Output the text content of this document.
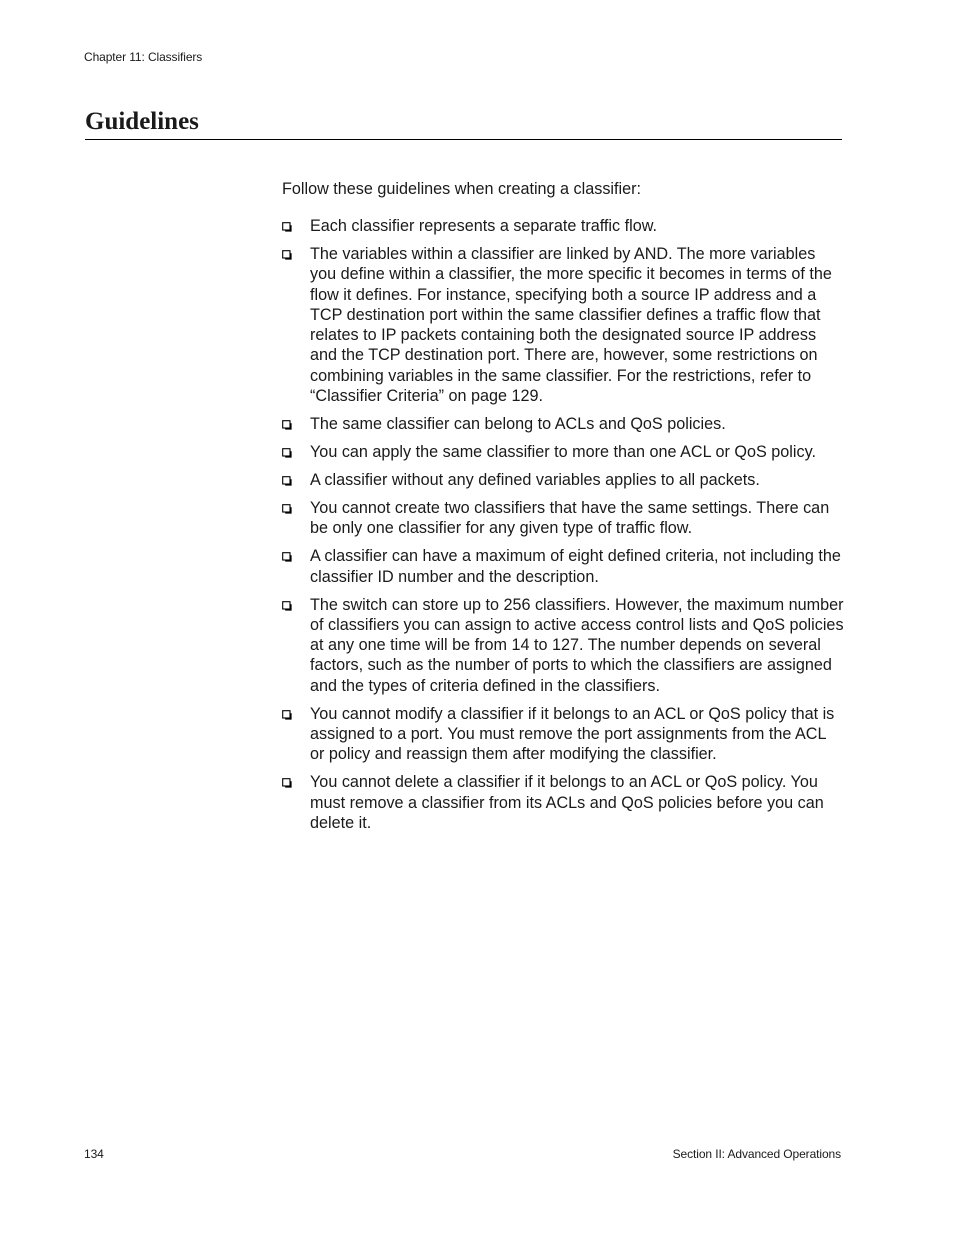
Chapter 11: Classifiers
Guidelines

Follow these guidelines when creating a classifier:

Each classifier represents a separate traffic flow.
The variables within a classifier are linked by AND. The more variables you define within a classifier, the more specific it becomes in terms of the flow it defines. For instance, specifying both a source IP address and a TCP destination port within the same classifier defines a traffic flow that relates to IP packets containing both the designated source IP address and the TCP destination port. There are, however, some restrictions on combining variables in the same classifier. For the restrictions, refer to “Classifier Criteria” on page 129.
The same classifier can belong to ACLs and QoS policies.
You can apply the same classifier to more than one ACL or QoS policy.
A classifier without any defined variables applies to all packets.
You cannot create two classifiers that have the same settings. There can be only one classifier for any given type of traffic flow.
A classifier can have a maximum of eight defined criteria, not including the classifier ID number and the description.
The switch can store up to 256 classifiers. However, the maximum number of classifiers you can assign to active access control lists and QoS policies at any one time will be from 14 to 127. The number depends on several factors, such as the number of ports to which the classifiers are assigned and the types of criteria defined in the classifiers.
You cannot modify a classifier if it belongs to an ACL or QoS policy that is assigned to a port. You must remove the port assignments from the ACL or policy and reassign them after modifying the classifier.
You cannot delete a classifier if it belongs to an ACL or QoS policy. You must remove a classifier from its ACLs and QoS policies before you can delete it.
134	Section II: Advanced Operations
